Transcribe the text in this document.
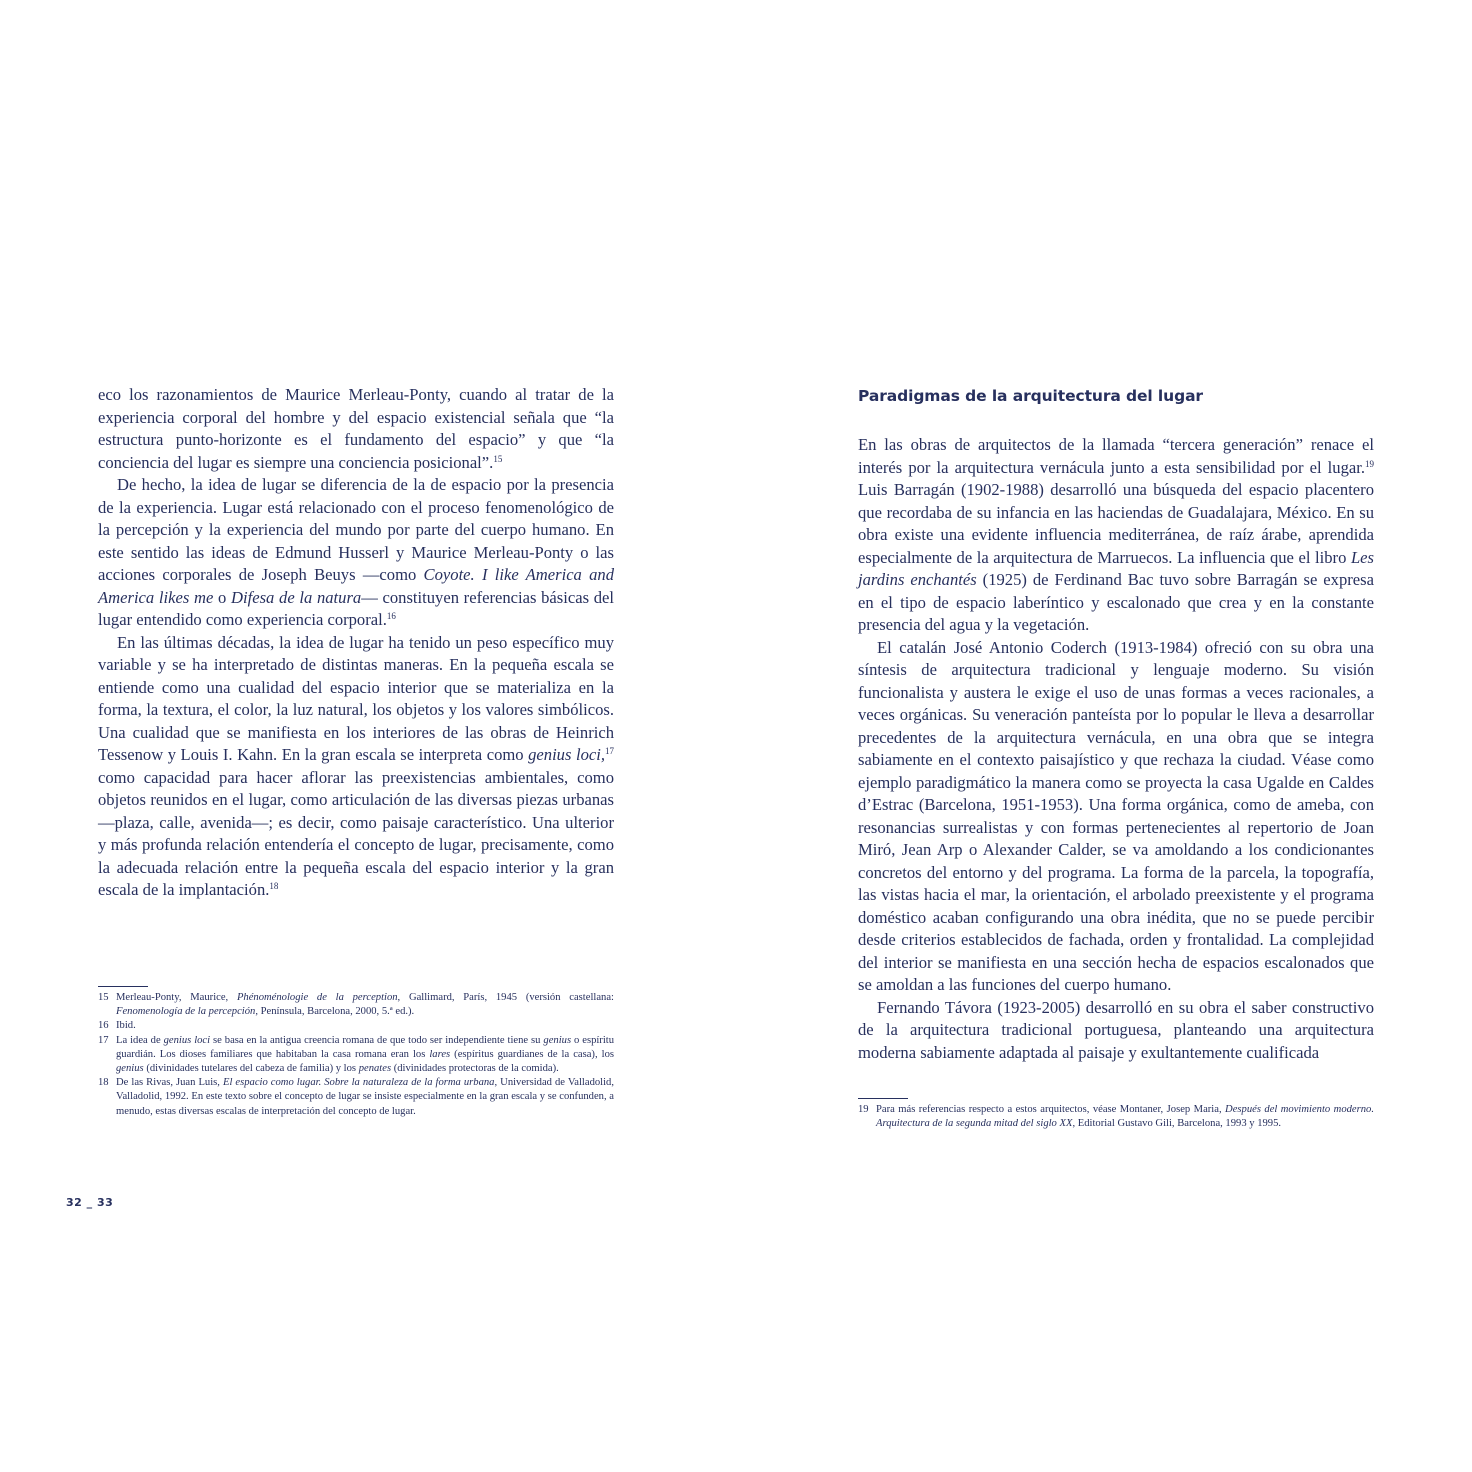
eco los razonamientos de Maurice Merleau-Ponty, cuando al tratar de la experiencia corporal del hombre y del espacio existencial señala que “la estructura punto-horizonte es el fundamento del espacio” y que “la conciencia del lugar es siempre una conciencia posicional”.$^{15}$

De hecho, la idea de lugar se diferencia de la de espacio por la presencia de la experiencia. Lugar está relacionado con el proceso fenomenológico de la percepción y la experiencia del mundo por parte del cuerpo humano. En este sentido las ideas de Edmund Husserl y Maurice Merleau-Ponty o las acciones corporales de Joseph Beuys —como Coyote. I like America and America likes me o Difesa de la natura— constituyen referencias básicas del lugar entendido como experiencia corporal.$^{16}$

En las últimas décadas, la idea de lugar ha tenido un peso específico muy variable y se ha interpretado de distintas maneras. En la pequeña escala se entiende como una cualidad del espacio interior que se materializa en la forma, la textura, el color, la luz natural, los objetos y los valores simbólicos. Una cualidad que se manifiesta en los interiores de las obras de Heinrich Tessenow y Louis I. Kahn. En la gran escala se interpreta como genius loci,$^{17}$ como capacidad para hacer aflorar las preexistencias ambientales, como objetos reunidos en el lugar, como articulación de las diversas piezas urbanas —plaza, calle, avenida—; es decir, como paisaje característico. Una ulterior y más profunda relación entendería el concepto de lugar, precisamente, como la adecuada relación entre la pequeña escala del espacio interior y la gran escala de la implantación.$^{18}$

15 Merleau-Ponty, Maurice, Phénoménologie de la perception, Gallimard, París, 1945 (versión castellana: Fenomenología de la percepción, Península, Barcelona, 2000, 5.ª ed.).

16 Ibid.

17 La idea de genius loci se basa en la antigua creencia romana de que todo ser independiente tiene su genius o espíritu guardián. Los dioses familiares que habitaban la casa romana eran los lares (espíritus guardianes de la casa), los genius (divinidades tutelares del cabeza de familia) y los penates (divinidades protectoras de la comida).

18 De las Rivas, Juan Luis, El espacio como lugar. Sobre la naturaleza de la forma urbana, Universidad de Valladolid, Valladolid, 1992. En este texto sobre el concepto de lugar se insiste especialmente en la gran escala y se confunden, a menudo, estas diversas escalas de interpretación del concepto de lugar.

Paradigmas de la arquitectura del lugar

En las obras de arquitectos de la llamada “tercera generación” renace el interés por la arquitectura vernácula junto a esta sensibilidad por el lugar.$^{19}$ Luis Barragán (1902-1988) desarrolló una búsqueda del espacio placentero que recordaba de su infancia en las haciendas de Guadalajara, México. En su obra existe una evidente influencia mediterránea, de raíz árabe, aprendida especialmente de la arquitectura de Marruecos. La influencia que el libro Les jardins enchantés (1925) de Ferdinand Bac tuvo sobre Barragán se expresa en el tipo de espacio laberíntico y escalonado que crea y en la constante presencia del agua y la vegetación.

El catalán José Antonio Coderch (1913-1984) ofreció con su obra una síntesis de arquitectura tradicional y lenguaje moderno. Su visión funcionalista y austera le exige el uso de unas formas a veces racionales, a veces orgánicas. Su veneración panteísta por lo popular le lleva a desarrollar precedentes de la arquitectura vernácula, en una obra que se integra sabiamente en el contexto paisajístico y que rechaza la ciudad. Véase como ejemplo paradigmático la manera como se proyecta la casa Ugalde en Caldes d’Estrac (Barcelona, 1951-1953). Una forma orgánica, como de ameba, con resonancias surrealistas y con formas pertenecientes al repertorio de Joan Miró, Jean Arp o Alexander Calder, se va amoldando a los condicionantes concretos del entorno y del programa. La forma de la parcela, la topografía, las vistas hacia el mar, la orientación, el arbolado preexistente y el programa doméstico acaban configurando una obra inédita, que no se puede percibir desde criterios establecidos de fachada, orden y frontalidad. La complejidad del interior se manifiesta en una sección hecha de espacios escalonados que se amoldan a las funciones del cuerpo humano.

Fernando Távora (1923-2005) desarrolló en su obra el saber constructivo de la arquitectura tradicional portuguesa, planteando una arquitectura moderna sabiamente adaptada al paisaje y exultantemente cualificada

19 Para más referencias respecto a estos arquitectos, véase Montaner, Josep Maria, Después del movimiento moderno. Arquitectura de la segunda mitad del siglo XX, Editorial Gustavo Gili, Barcelona, 1993 y 1995.

32 _ 33
